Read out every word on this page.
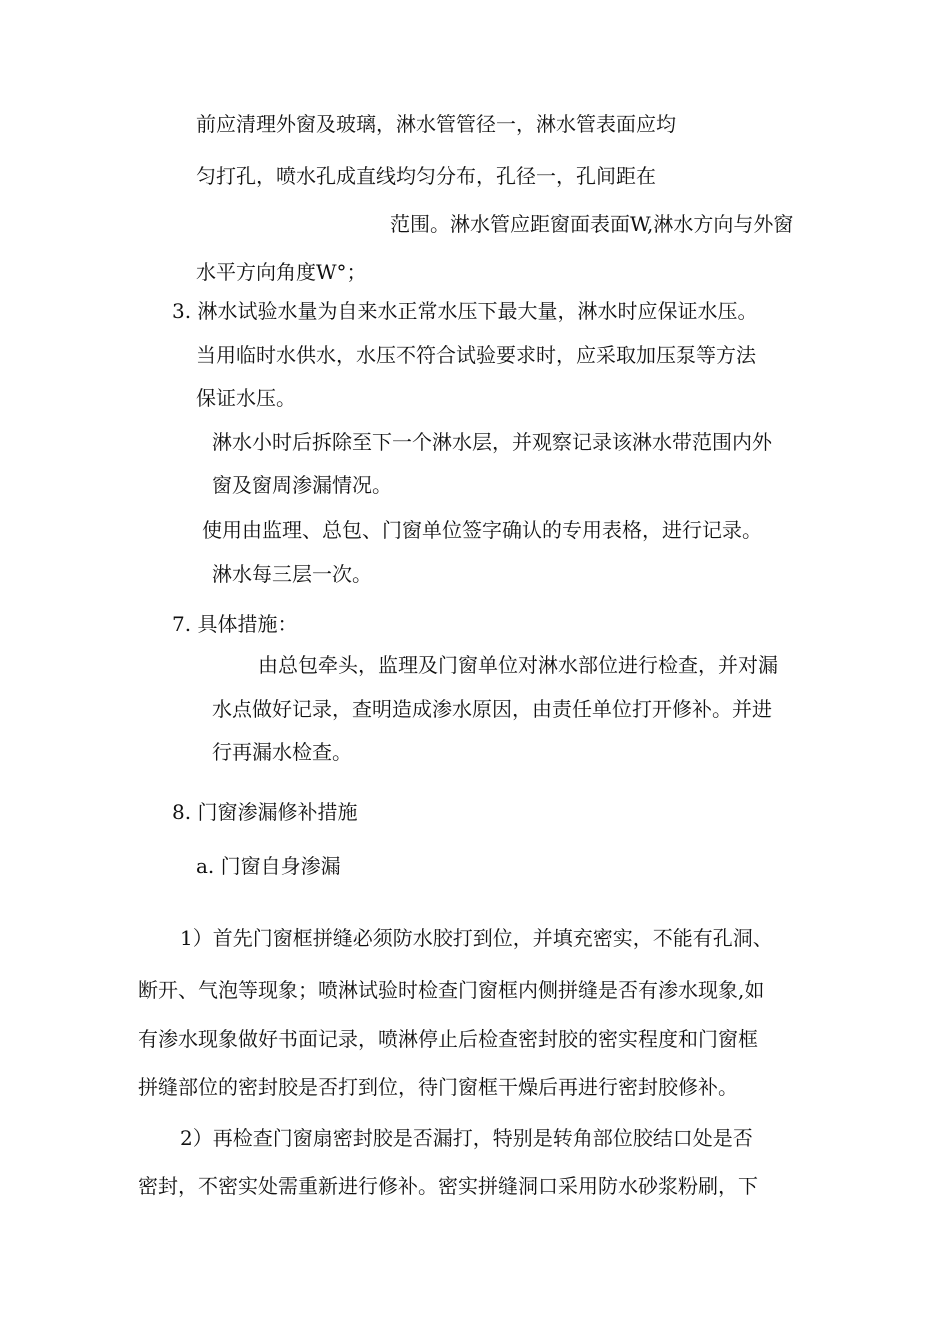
前应清理外窗及玻璃，淋水管管径一，淋水管表面应均
匀打孔，喷水孔成直线均匀分布，孔径一，孔间距在
范围。淋水管应距窗面表面W,淋水方向与外窗
水平方向角度W°；
3. 淋水试验水量为自来水正常水压下最大量，淋水时应保证水压。
当用临时水供水，水压不符合试验要求时，应采取加压泵等方法
保证水压。
淋水小时后拆除至下一个淋水层，并观察记录该淋水带范围内外
窗及窗周渗漏情况。
使用由监理、总包、门窗单位签字确认的专用表格，进行记录。
淋水每三层一次。
7. 具体措施：
由总包牵头，监理及门窗单位对淋水部位进行检查，并对漏
水点做好记录，查明造成渗水原因，由责任单位打开修补。并进
行再漏水检查。
8. 门窗渗漏修补措施
a. 门窗自身渗漏
1）首先门窗框拼缝必须防水胶打到位，并填充密实，不能有孔洞、
断开、气泡等现象；喷淋试验时检查门窗框内侧拼缝是否有渗水现象,如
有渗水现象做好书面记录，喷淋停止后检查密封胶的密实程度和门窗框
拼缝部位的密封胶是否打到位，待门窗框干燥后再进行密封胶修补。
2）再检查门窗扇密封胶是否漏打，特别是转角部位胶结口处是否
密封，不密实处需重新进行修补。密实拼缝洞口采用防水砂浆粉刷，下
